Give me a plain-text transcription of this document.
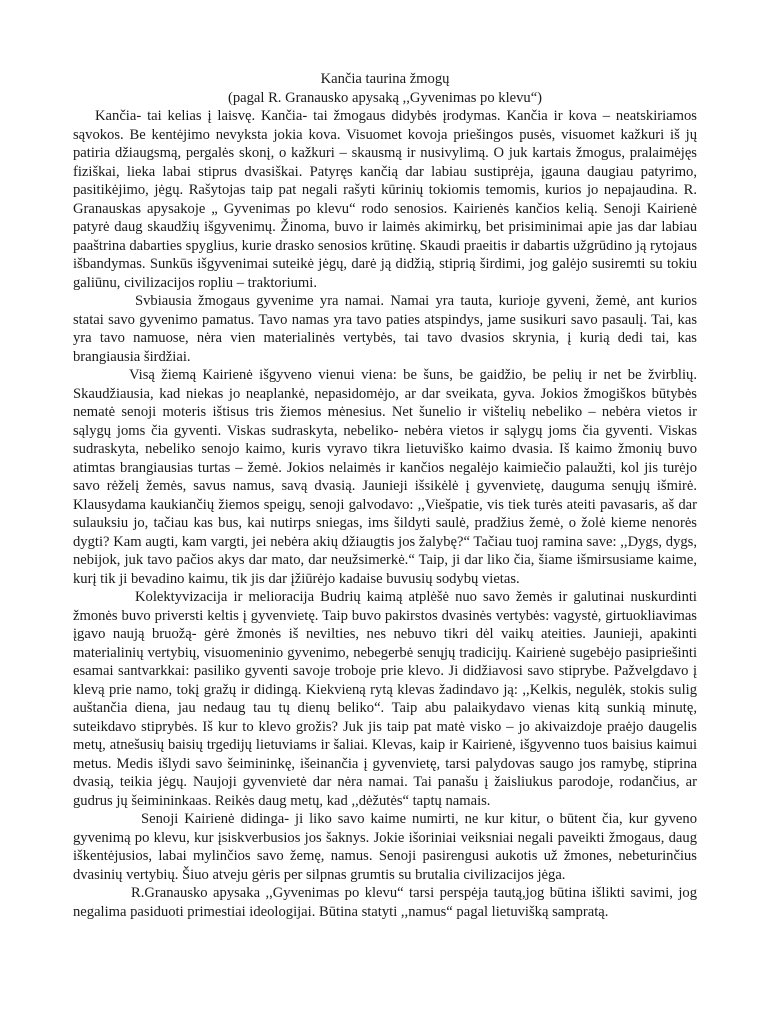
Kančia taurina žmogų
(pagal R. Granausko apysaką ,,Gyvenimas po klevu“)

Kančia- tai kelias į laisvę. Kančia- tai žmogaus didybės įrodymas. Kančia ir kova – neatskiriamos sąvokos. Be kentėjimo nevyksta jokia kova. Visuomet kovoja priešingos pusės, visuomet kažkuri iš jų patiria džiaugsmą, pergalės skonį, o kažkuri – skausmą ir nusivylimą. O juk kartais žmogus, pralaimėjęs fiziškai, lieka labai stiprus dvasiškai. Patyręs kančią dar labiau sustiprėja, įgauna daugiau patyrimo, pasitikėjimo, jėgų. Rašytojas taip pat negali rašyti kūrinių tokiomis temomis, kurios jo nepajaudina. R. Granauskas apysakoje „ Gyvenimas po klevu“ rodo senosios. Kairienės kančios kelią. Senoji Kairienė patyrė daug skaudžių išgyvenimų. Žinoma, buvo ir laimės akimirkų, bet prisiminimai apie jas dar labiau paaštrina dabarties spyglius, kurie drasko senosios krūtinę. Skaudi praeitis ir dabartis užgrūdino ją rytojaus išbandymas. Sunkūs išgyvenimai suteikė jėgų, darė ją didžią, stiprią širdimi, jog galėjo susiremti su tokiu galiūnu, civilizacijos ropliu – traktoriumi.

Svbiausia žmogaus gyvenime yra namai. Namai yra tauta, kurioje gyveni, žemė, ant kurios statai savo gyvenimo pamatus. Tavo namas yra tavo paties atspindys, jame susikuri savo pasaulį. Tai, kas yra tavo namuose, nėra vien materialinės vertybės, tai tavo dvasios skrynia, į kurią dedi tai, kas brangiausia širdžiai.

Visą žiemą Kairienė išgyveno vienui viena: be šuns, be gaidžio, be pelių ir net be žvirblių. Skaudžiausia, kad niekas jo neaplankė, nepasidomėjo, ar dar sveikata, gyva. Jokios žmogiškos būtybės nematė senoji moteris ištisus tris žiemos mėnesius. Net šunelio ir vištelių nebeliko – nebėra vietos ir sąlygų joms čia gyventi. Viskas sudraskyta, nebeliko- nebėra vietos ir sąlygų joms čia gyventi. Viskas sudraskyta, nebeliko senojo kaimo, kuris vyravo tikra lietuviško kaimo dvasia. Iš kaimo žmonių buvo atimtas brangiausias turtas – žemė. Jokios nelaimės ir kančios negalėjo kaimiečio palaužti, kol jis turėjo savo rėželį žemės, savus namus, savą dvasią. Jaunieji išsikėlė į gyvenvietę, dauguma senųjų išmirė. Klausydama kaukiančių žiemos speigų, senoji galvodavo: ,,Viešpatie, vis tiek turės ateiti pavasaris, aš dar sulauksiu jo, tačiau kas bus, kai nutirps sniegas, ims šildyti saulė, pradžius žemė, o žolė kieme nenorės dygti? Kam augti, kam vargti, jei nebėra akių džiaugtis jos žalybę?“ Tačiau tuoj ramina save: ,,Dygs, dygs, nebijok, juk tavo pačios akys dar mato, dar neužsimerkė.“ Taip, ji dar liko čia, šiame išmirsusiame kaime, kurį tik ji bevadino kaimu, tik jis dar įžiūrėjo kadaise buvusių sodybų vietas.

Kolektyvizacija ir melioracija Budrių kaimą atplėšė nuo savo žemės ir galutinai nuskurdinti žmonės buvo priversti keltis į gyvenvietę. Taip buvo pakirstos dvasinės vertybės: vagystė, girtuokliavimas įgavo naują bruožą- gėrė žmonės iš nevilties, nes nebuvo tikri dėl vaikų ateities. Jaunieji, apakinti materialinių vertybių, visuomeninio gyvenimo, nebegerbė senųjų tradicijų. Kairienė sugebėjo pasipriešinti esamai santvarkkai: pasiliko gyventi savoje troboje prie klevo. Ji didžiavosi savo stiprybe. Pažvelgdavo į klevą prie namo, tokį gražų ir didingą. Kiekvieną rytą klevas žadindavo ją: ,,Kelkis, negulėk, stokis sulig auštančia diena, jau nedaug tau tų dienų beliko“. Taip abu palaikydavo vienas kitą sunkią minutę, suteikdavo stiprybės. Iš kur to klevo grožis? Juk jis taip pat matė visko – jo akivaizdoje praėjo daugelis metų, atnešusių baisių trgedijų lietuviams ir šaliai. Klevas, kaip ir Kairienė, išgyvenno tuos baisius kaimui metus. Medis išlydi savo šeimininkę, išeinančia į gyvenvietę, tarsi palydovas saugo jos ramybę, stiprina dvasią, teikia jėgų. Naujoji gyvenvietė dar nėra namai. Tai panašu į žaisliukus parodoje, rodančius, ar gudrus jų šeimininkaas. Reikės daug metų, kad ,,dėžutės“ taptų namais.

Senoji Kairienė didinga- ji liko savo kaime numirti, ne kur kitur, o būtent čia, kur gyveno gyvenimą po klevu, kur įsiskverbusios jos šaknys. Jokie išoriniai veiksniai negali paveikti žmogaus, daug iškentėjusios, labai mylinčios savo žemę, namus. Senoji pasirengusi aukotis už žmones, nebeturinčius dvasinių vertybių. Šiuo atveju gėris per silpnas grumtis su brutalia civilizacijos jėga.

R.Granausko apysaka ,,Gyvenimas po klevu“ tarsi perspėja tautą,jog būtina išlikti savimi, jog negalima pasiduoti primestiai ideologijai. Būtina statyti ,,namus“ pagal lietuvišką sampratą.
